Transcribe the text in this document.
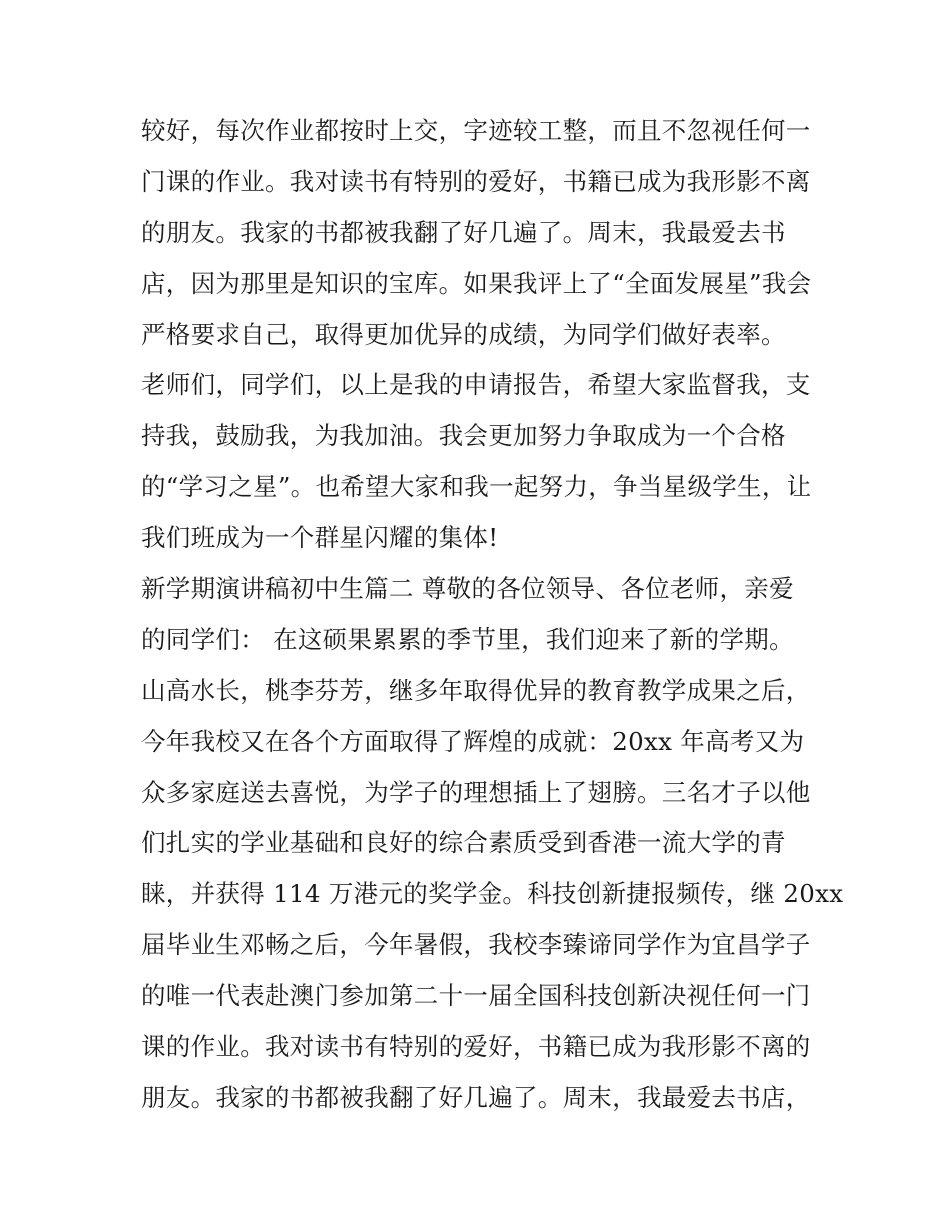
较好，每次作业都按时上交，字迹较工整，而且不忽视任何一
门课的作业。我对读书有特别的爱好，书籍已成为我形影不离
的朋友。我家的书都被我翻了好几遍了。周末，我最爱去书
店，因为那里是知识的宝库。如果我评上了“全面发展星”我会
严格要求自己，取得更加优异的成绩，为同学们做好表率。
老师们，同学们，以上是我的申请报告，希望大家监督我，支
持我，鼓励我，为我加油。我会更加努力争取成为一个合格
的“学习之星”。也希望大家和我一起努力，争当星级学生，让
我们班成为一个群星闪耀的集体!
新学期演讲稿初中生篇二 尊敬的各位领导、各位老师，亲爱
的同学们： 在这硕果累累的季节里，我们迎来了新的学期。
山高水长，桃李芬芳，继多年取得优异的教育教学成果之后，
今年我校又在各个方面取得了辉煌的成就：20xx 年高考又为
众多家庭送去喜悦，为学子的理想插上了翅膀。三名才子以他
们扎实的学业基础和良好的综合素质受到香港一流大学的青
睐，并获得 114 万港元的奖学金。科技创新捷报频传，继 20xx
届毕业生邓畅之后，今年暑假，我校李臻谛同学作为宜昌学子
的唯一代表赴澳门参加第二十一届全国科技创新决视任何一门
课的作业。我对读书有特别的爱好，书籍已成为我形影不离的
朋友。我家的书都被我翻了好几遍了。周末，我最爱去书店，
